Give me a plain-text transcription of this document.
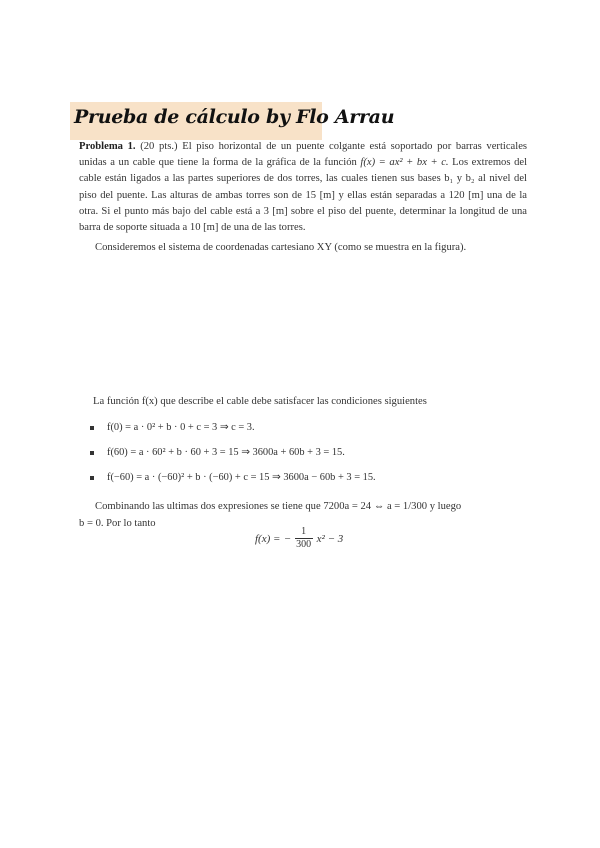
Prueba de cálculo by Flo Arrau
Problema 1. (20 pts.) El piso horizontal de un puente colgante está soportado por barras verticales unidas a un cable que tiene la forma de la gráfica de la función f(x) = ax² + bx + c. Los extremos del cable están ligados a las partes superiores de dos torres, las cuales tienen sus bases b₁ y b₂ al nivel del piso del puente. Las alturas de ambas torres son de 15 [m] y ellas están separadas a 120 [m] una de la otra. Si el punto más bajo del cable está a 3 [m] sobre el piso del puente, determinar la longitud de una barra de soporte situada a 10 [m] de una de las torres.
Consideremos el sistema de coordenadas cartesiano XY (como se muestra en la figura).
La función f(x) que describe el cable debe satisfacer las condiciones siguientes
f(0) = a · 0² + b · 0 + c = 3 ⇒ c = 3.
f(60) = a · 60² + b · 60 + 3 = 15 ⇒ 3600a + 60b + 3 = 15.
f(−60) = a · (−60)² + b · (−60) + c = 15 ⇒ 3600a − 60b + 3 = 15.
Combinando las ultimas dos expresiones se tiene que 7200a = 24 ⇔ a = 1/300 y luego
b = 0. Por lo tanto
f(x) = − $\frac{1}{300} x^2 - 3$
